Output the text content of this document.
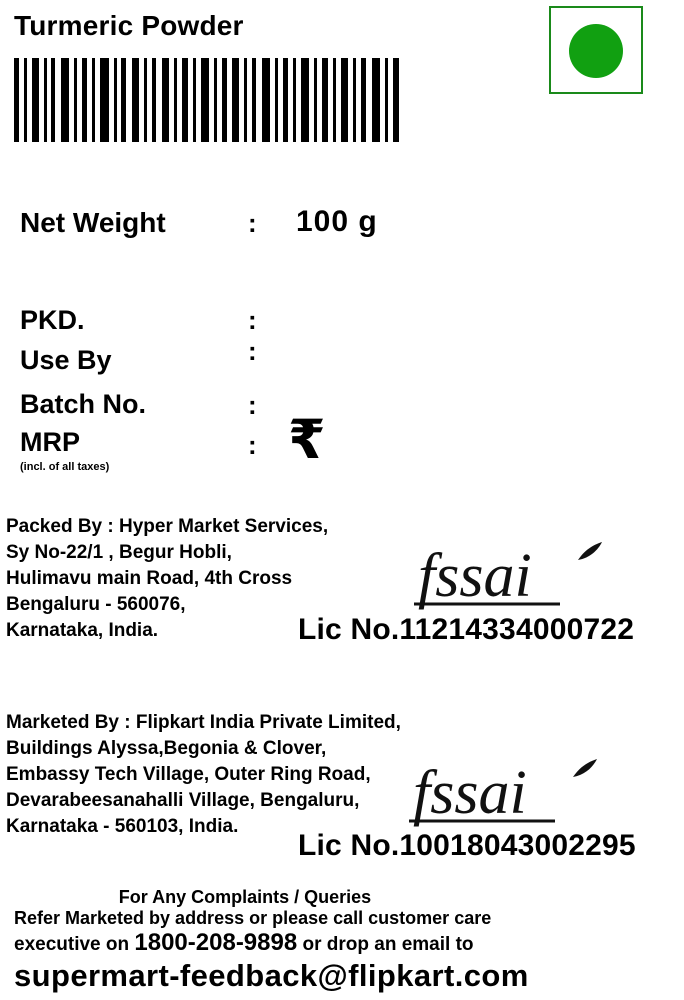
Turmeric Powder
Net Weight	: 100 g
PKD.	:
Use By	:
Batch No.	:
MRP	: ₹
(incl. of all taxes)
Packed By : Hyper Market Services,
Sy No-22/1 , Begur Hobli,
Hulimavu main Road, 4th Cross
Bengaluru - 560076,
Karnataka, India.
fssai
Lic No.11214334000722
Marketed By : Flipkart India Private Limited,
Buildings Alyssa,Begonia & Clover,
Embassy Tech Village, Outer Ring Road,
Devarabeesanahalli Village, Bengaluru,
Karnataka - 560103, India.	fssai
Lic No.10018043002295
For Any Complaints / Queries
Refer Marketed by address or please call customer care
executive on 1800-208-9898 or drop an email to
supermart-feedback@flipkart.com
